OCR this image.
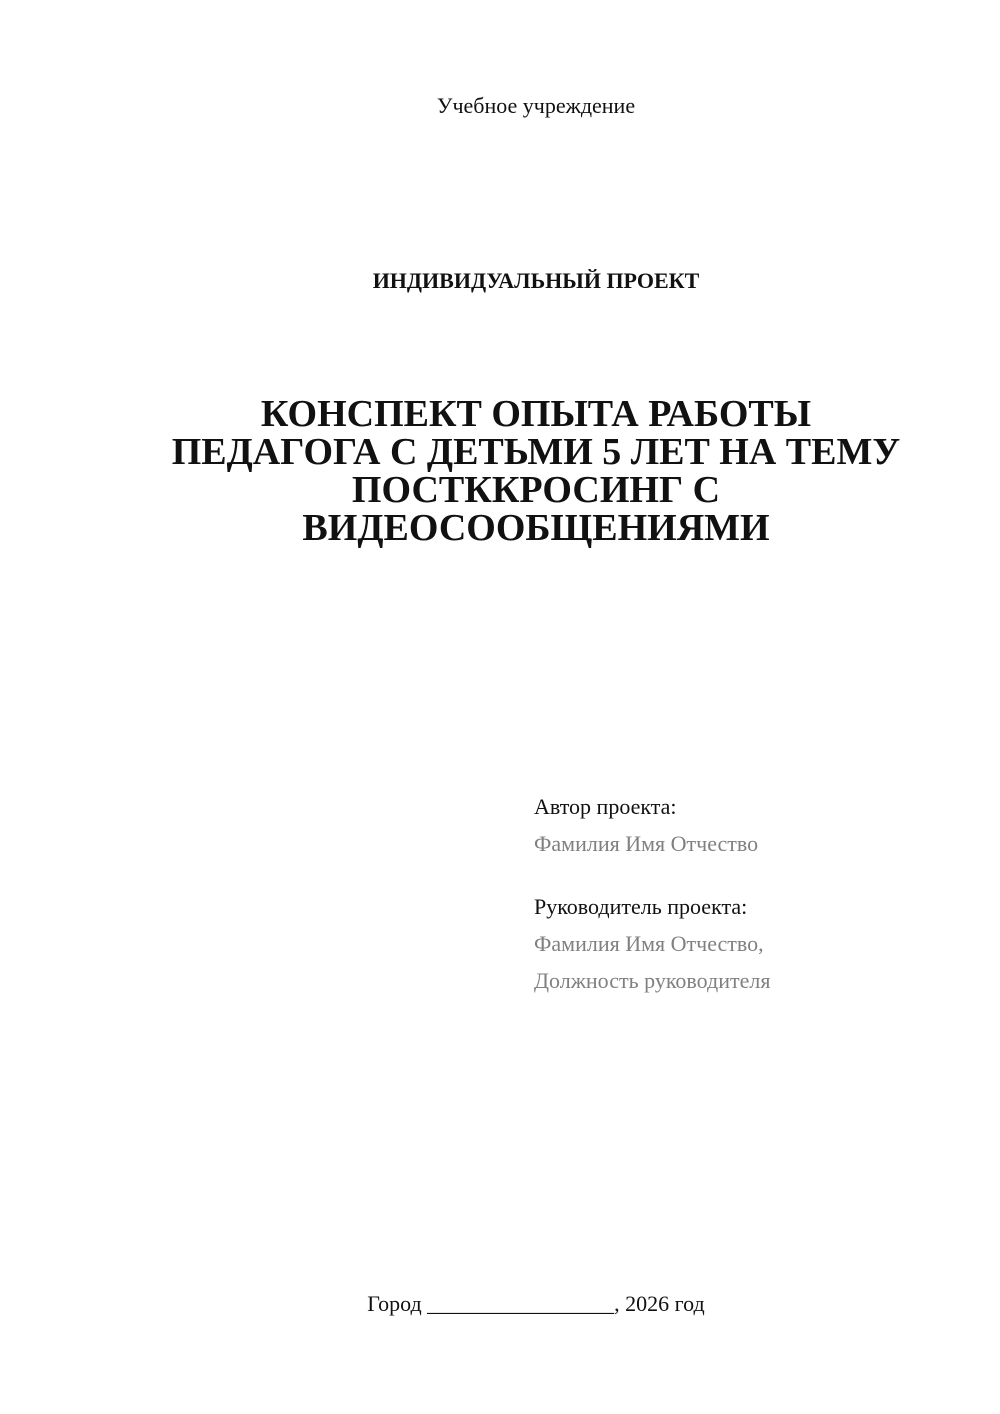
Учебное учреждение
ИНДИВИДУАЛЬНЫЙ ПРОЕКТ
КОНСПЕКТ ОПЫТА РАБОТЫ
ПЕДАГОГА С ДЕТЬМИ 5 ЛЕТ НА ТЕМУ
ПОСТККРОСИНГ С
ВИДЕОСООБЩЕНИЯМИ
Автор проекта:
Фамилия Имя Отчество
Руководитель проекта:
Фамилия Имя Отчество,
Должность руководителя
Город _________________, 2026 год
